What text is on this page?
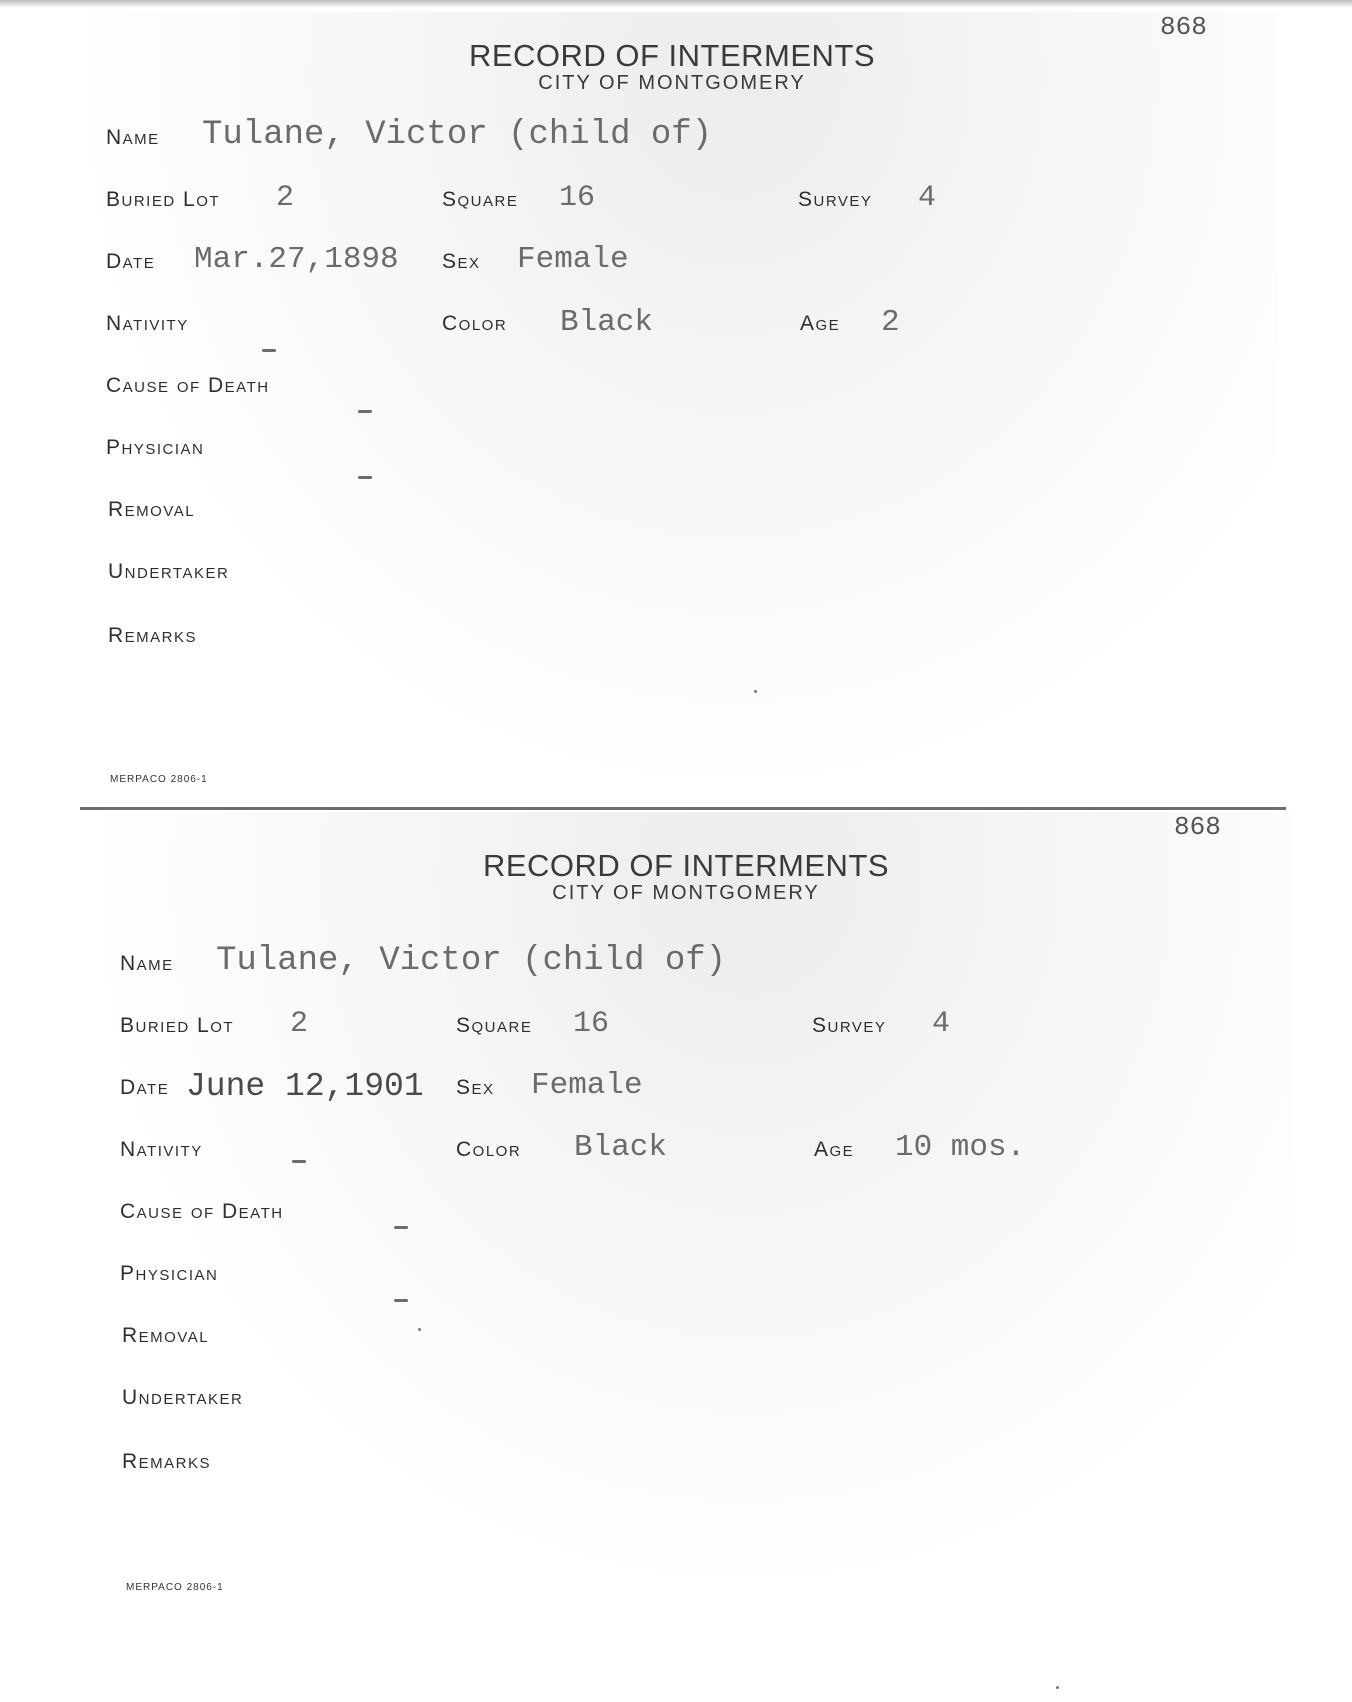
868
RECORD OF INTERMENTS
CITY OF MONTGOMERY
Name Tulane, Victor (child of)
Buried Lot 2	Square 16	Survey 4
Date Mar.27,1898 Sex Female
Nativity	Color Black	Age 2
Cause of Death
Physician
Removal
Undertaker
Remarks
MERPACO 2806-1
868
RECORD OF INTERMENTS
CITY OF MONTGOMERY
Name Tulane, Victor (child of)
Buried Lot 2	Square 16	Survey 4
Date June 12,1901 Sex Female
Nativity	Color Black	Age 10 mos.
Cause of Death
Physician
Removal
Undertaker
Remarks
MERPACO 2806-1
